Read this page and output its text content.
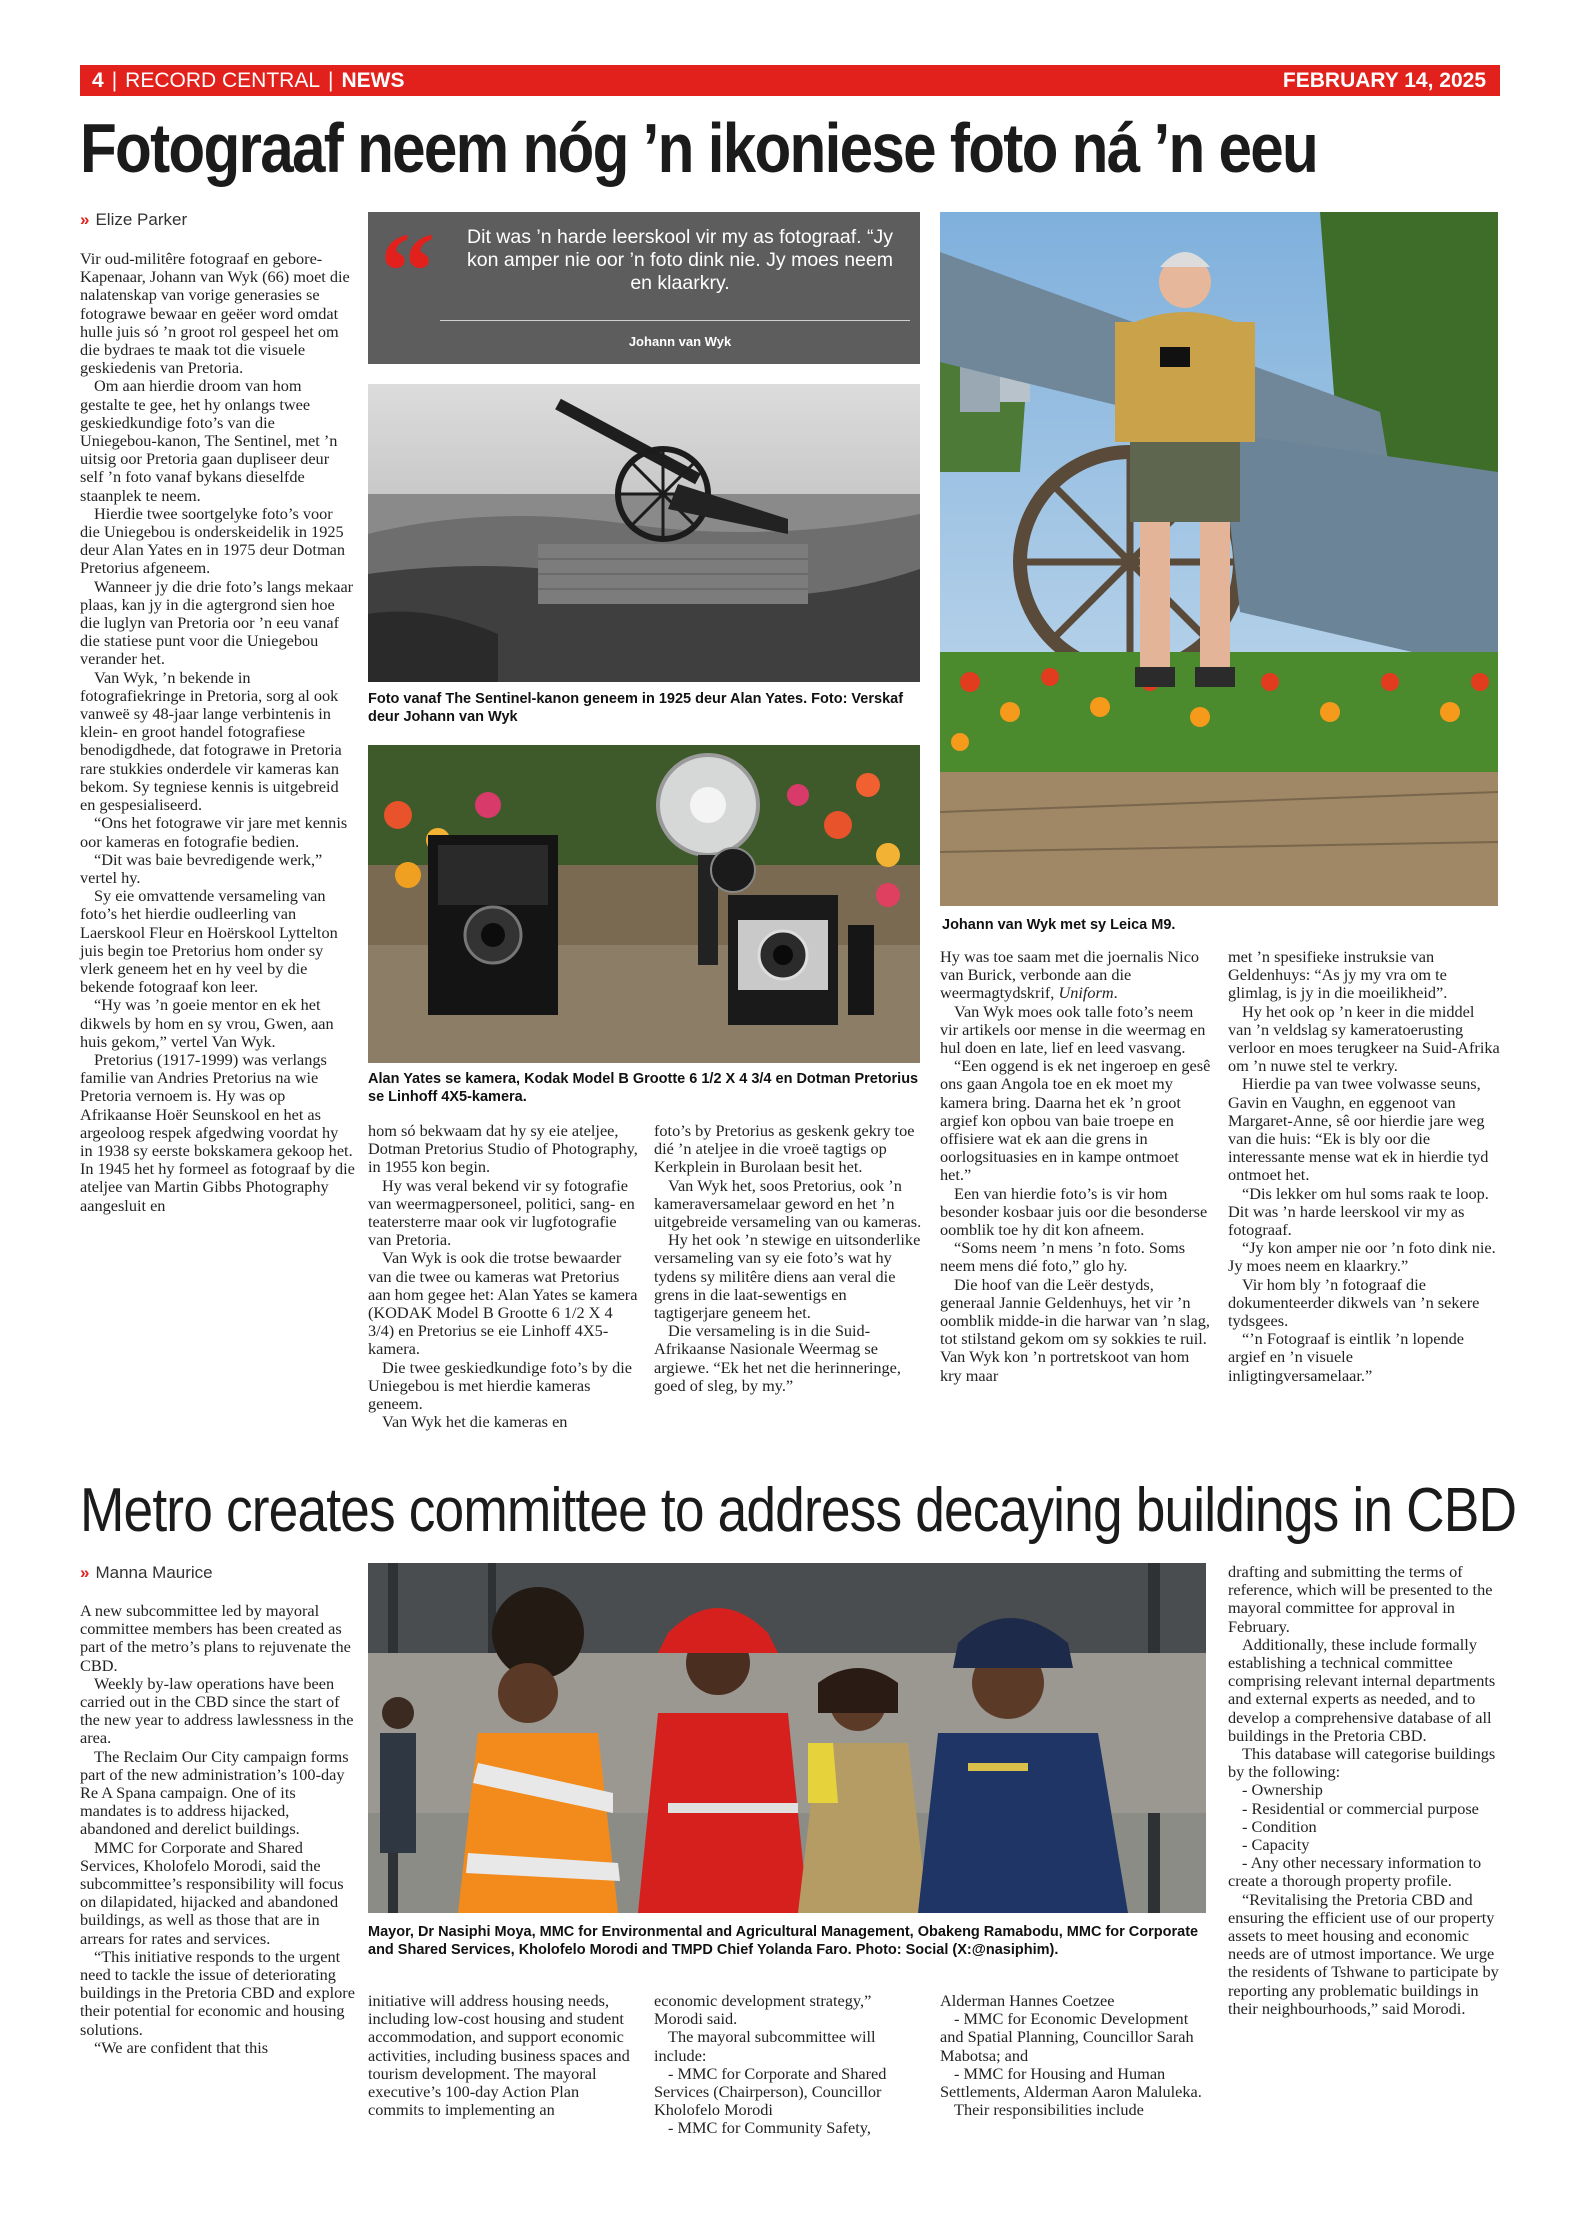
4 | RECORD CENTRAL | NEWS	FEBRUARY 14, 2025
Fotograaf neem nóg ’n ikoniese foto ná ’n eeu
» Elize Parker

Vir oud-militêre fotograaf en gebore-Kapenaar, Johann van Wyk (66) moet die nalatenskap van vorige generasies se fotograwe bewaar en geëer word omdat hulle juis só ’n groot rol gespeel het om die bydraes te maak tot die visuele geskiedenis van Pretoria.

Om aan hierdie droom van hom gestalte te gee, het hy onlangs twee geskiedkundige foto’s van die Uniegebou-kanon, The Sentinel, met ’n uitsig oor Pretoria gaan dupliseer deur self ’n foto vanaf bykans dieselfde staanplek te neem.

Hierdie twee soortgelyke foto’s voor die Uniegebou is onderskeidelik in 1925 deur Alan Yates en in 1975 deur Dotman Pretorius afgeneem.

Wanneer jy die drie foto’s langs mekaar plaas, kan jy in die agtergrond sien hoe die luglyn van Pretoria oor ’n eeu vanaf die statiese punt voor die Uniegebou verander het.

Van Wyk, ’n bekende in fotografiekringe in Pretoria, sorg al ook vanweë sy 48-jaar lange verbintenis in klein- en groot handel fotografiese benodigdhede, dat fotograwe in Pretoria rare stukkies onderdele vir kameras kan bekom. Sy tegniese kennis is uitgebreid en gespesialiseerd.

“Ons het fotograwe vir jare met kennis oor kameras en fotografie bedien.

“Dit was baie bevredigende werk,” vertel hy.

Sy eie omvattende versameling van foto’s het hierdie oudleerling van Laerskool Fleur en Hoërskool Lyttelton juis begin toe Pretorius hom onder sy vlerk geneem het en hy veel by die bekende fotograaf kon leer.

“Hy was ’n goeie mentor en ek het dikwels by hom en sy vrou, Gwen, aan huis gekom,” vertel Van Wyk.

Pretorius (1917-1999) was verlangs familie van Andries Pretorius na wie Pretoria vernoem is. Hy was op Afrikaanse Hoër Seunskool en het as argeoloog respek afgedwing voordat hy in 1938 sy eerste bokskamera gekoop het. In 1945 het hy formeel as fotograaf by die ateljee van Martin Gibbs Photography aangesluit en

“	Dit was ’n harde leerskool vir my as fotograaf. “Jy kon amper nie oor ’n foto dink nie. Jy moes neem en klaarkry.
Johann van Wyk
Foto vanaf The Sentinel-kanon geneem in 1925 deur Alan Yates. Foto: Verskaf deur Johann van Wyk
Alan Yates se kamera, Kodak Model B Grootte 6 1/2 X 4 3/4 en Dotman Pretorius se Linhoff 4X5-kamera.
Johann van Wyk met sy Leica M9.

hom só bekwaam dat hy sy eie ateljee, Dotman Pretorius Studio of Photography, in 1955 kon begin.

Hy was veral bekend vir sy fotografie van weermagpersoneel, politici, sang- en teatersterre maar ook vir lugfotografie van Pretoria.

Van Wyk is ook die trotse bewaarder van die twee ou kameras wat Pretorius aan hom gegee het: Alan Yates se kamera (KODAK Model B Grootte 6 1/2 X 4 3/4) en Pretorius se eie Linhoff 4X5-kamera.

Die twee geskiedkundige foto’s by die Uniegebou is met hierdie kameras geneem.

Van Wyk het die kameras en

foto’s by Pretorius as geskenk gekry toe dié ’n ateljee in die vroeë tagtigs op Kerkplein in Burolaan besit het.

Van Wyk het, soos Pretorius, ook ’n kameraversamelaar geword en het ’n uitgebreide versameling van ou kameras.

Hy het ook ’n stewige en uitsonderlike versameling van sy eie foto’s wat hy tydens sy militêre diens aan veral die grens in die laat-sewentigs en tagtigerjare geneem het.

Die versameling is in die Suid-Afrikaanse Nasionale Weermag se argiewe. “Ek het net die herinneringe, goed of sleg, by my.”

Hy was toe saam met die joernalis Nico van Burick, verbonde aan die weermagtydskrif, Uniform.

Van Wyk moes ook talle foto’s neem vir artikels oor mense in die weermag en hul doen en late, lief en leed vasvang.

“Een oggend is ek net ingeroep en gesê ons gaan Angola toe en ek moet my kamera bring. Daarna het ek ’n groot argief kon opbou van baie troepe en offisiere wat ek aan die grens in oorlogsituasies en in kampe ontmoet het.”

Een van hierdie foto’s is vir hom besonder kosbaar juis oor die besonderse oomblik toe hy dit kon afneem.

“Soms neem ’n mens ’n foto. Soms neem mens dié foto,” glo hy.

Die hoof van die Leër destyds, generaal Jannie Geldenhuys, het vir ’n oomblik midde-in die harwar van ’n slag, tot stilstand gekom om sy sokkies te ruil. Van Wyk kon ’n portretskoot van hom kry maar

met ’n spesifieke instruksie van Geldenhuys: “As jy my vra om te glimlag, is jy in die moeilikheid”.

Hy het ook op ’n keer in die middel van ’n veldslag sy kameratoerusting verloor en moes terugkeer na Suid-Afrika om ’n nuwe stel te verkry.

Hierdie pa van twee volwasse seuns, Gavin en Vaughn, en eggenoot van Margaret-Anne, sê oor hierdie jare weg van die huis: “Ek is bly oor die interessante mense wat ek in hierdie tyd ontmoet het.

“Dis lekker om hul soms raak te loop. Dit was ’n harde leerskool vir my as fotograaf.

“Jy kon amper nie oor ’n foto dink nie. Jy moes neem en klaarkry.”

Vir hom bly ’n fotograaf die dokumenteerder dikwels van ’n sekere tydsgees.

“’n Fotograaf is eintlik ’n lopende argief en ’n visuele inligtingversamelaar.”

Metro creates committee to address decaying buildings in CBD
» Manna Maurice

A new subcommittee led by mayoral committee members has been created as part of the metro’s plans to rejuvenate the CBD.

Weekly by-law operations have been carried out in the CBD since the start of the new year to address lawlessness in the area.

The Reclaim Our City campaign forms part of the new administration’s 100-day Re A Spana campaign. One of its mandates is to address hijacked, abandoned and derelict buildings.

MMC for Corporate and Shared Services, Kholofelo Morodi, said the subcommittee’s responsibility will focus on dilapidated, hijacked and abandoned buildings, as well as those that are in arrears for rates and services.

“This initiative responds to the urgent need to tackle the issue of deteriorating buildings in the Pretoria CBD and explore their potential for economic and housing solutions.

“We are confident that this

Mayor, Dr Nasiphi Moya, MMC for Environmental and Agricultural Management, Obakeng Ramabodu, MMC for Corporate and Shared Services, Kholofelo Morodi and TMPD Chief Yolanda Faro. Photo: Social (X:@nasiphim).

initiative will address housing needs, including low-cost housing and student accommodation, and support economic activities, including business spaces and tourism development. The mayoral executive’s 100-day Action Plan commits to implementing an

economic development strategy,” Morodi said.

The mayoral subcommittee will include:

- MMC for Corporate and Shared Services (Chairperson), Councillor Kholofelo Morodi

- MMC for Community Safety,

Alderman Hannes Coetzee

- MMC for Economic Development and Spatial Planning, Councillor Sarah Mabotsa; and

- MMC for Housing and Human Settlements, Alderman Aaron Maluleka.

Their responsibilities include

drafting and submitting the terms of reference, which will be presented to the mayoral committee for approval in February.

Additionally, these include formally establishing a technical committee comprising relevant internal departments and external experts as needed, and to develop a comprehensive database of all buildings in the Pretoria CBD.

This database will categorise buildings by the following:

- Ownership

- Residential or commercial purpose

- Condition

- Capacity

- Any other necessary information to create a thorough property profile.

“Revitalising the Pretoria CBD and ensuring the efficient use of our property assets to meet housing and economic needs are of utmost importance. We urge the residents of Tshwane to participate by reporting any problematic buildings in their neighbourhoods,” said Morodi.
